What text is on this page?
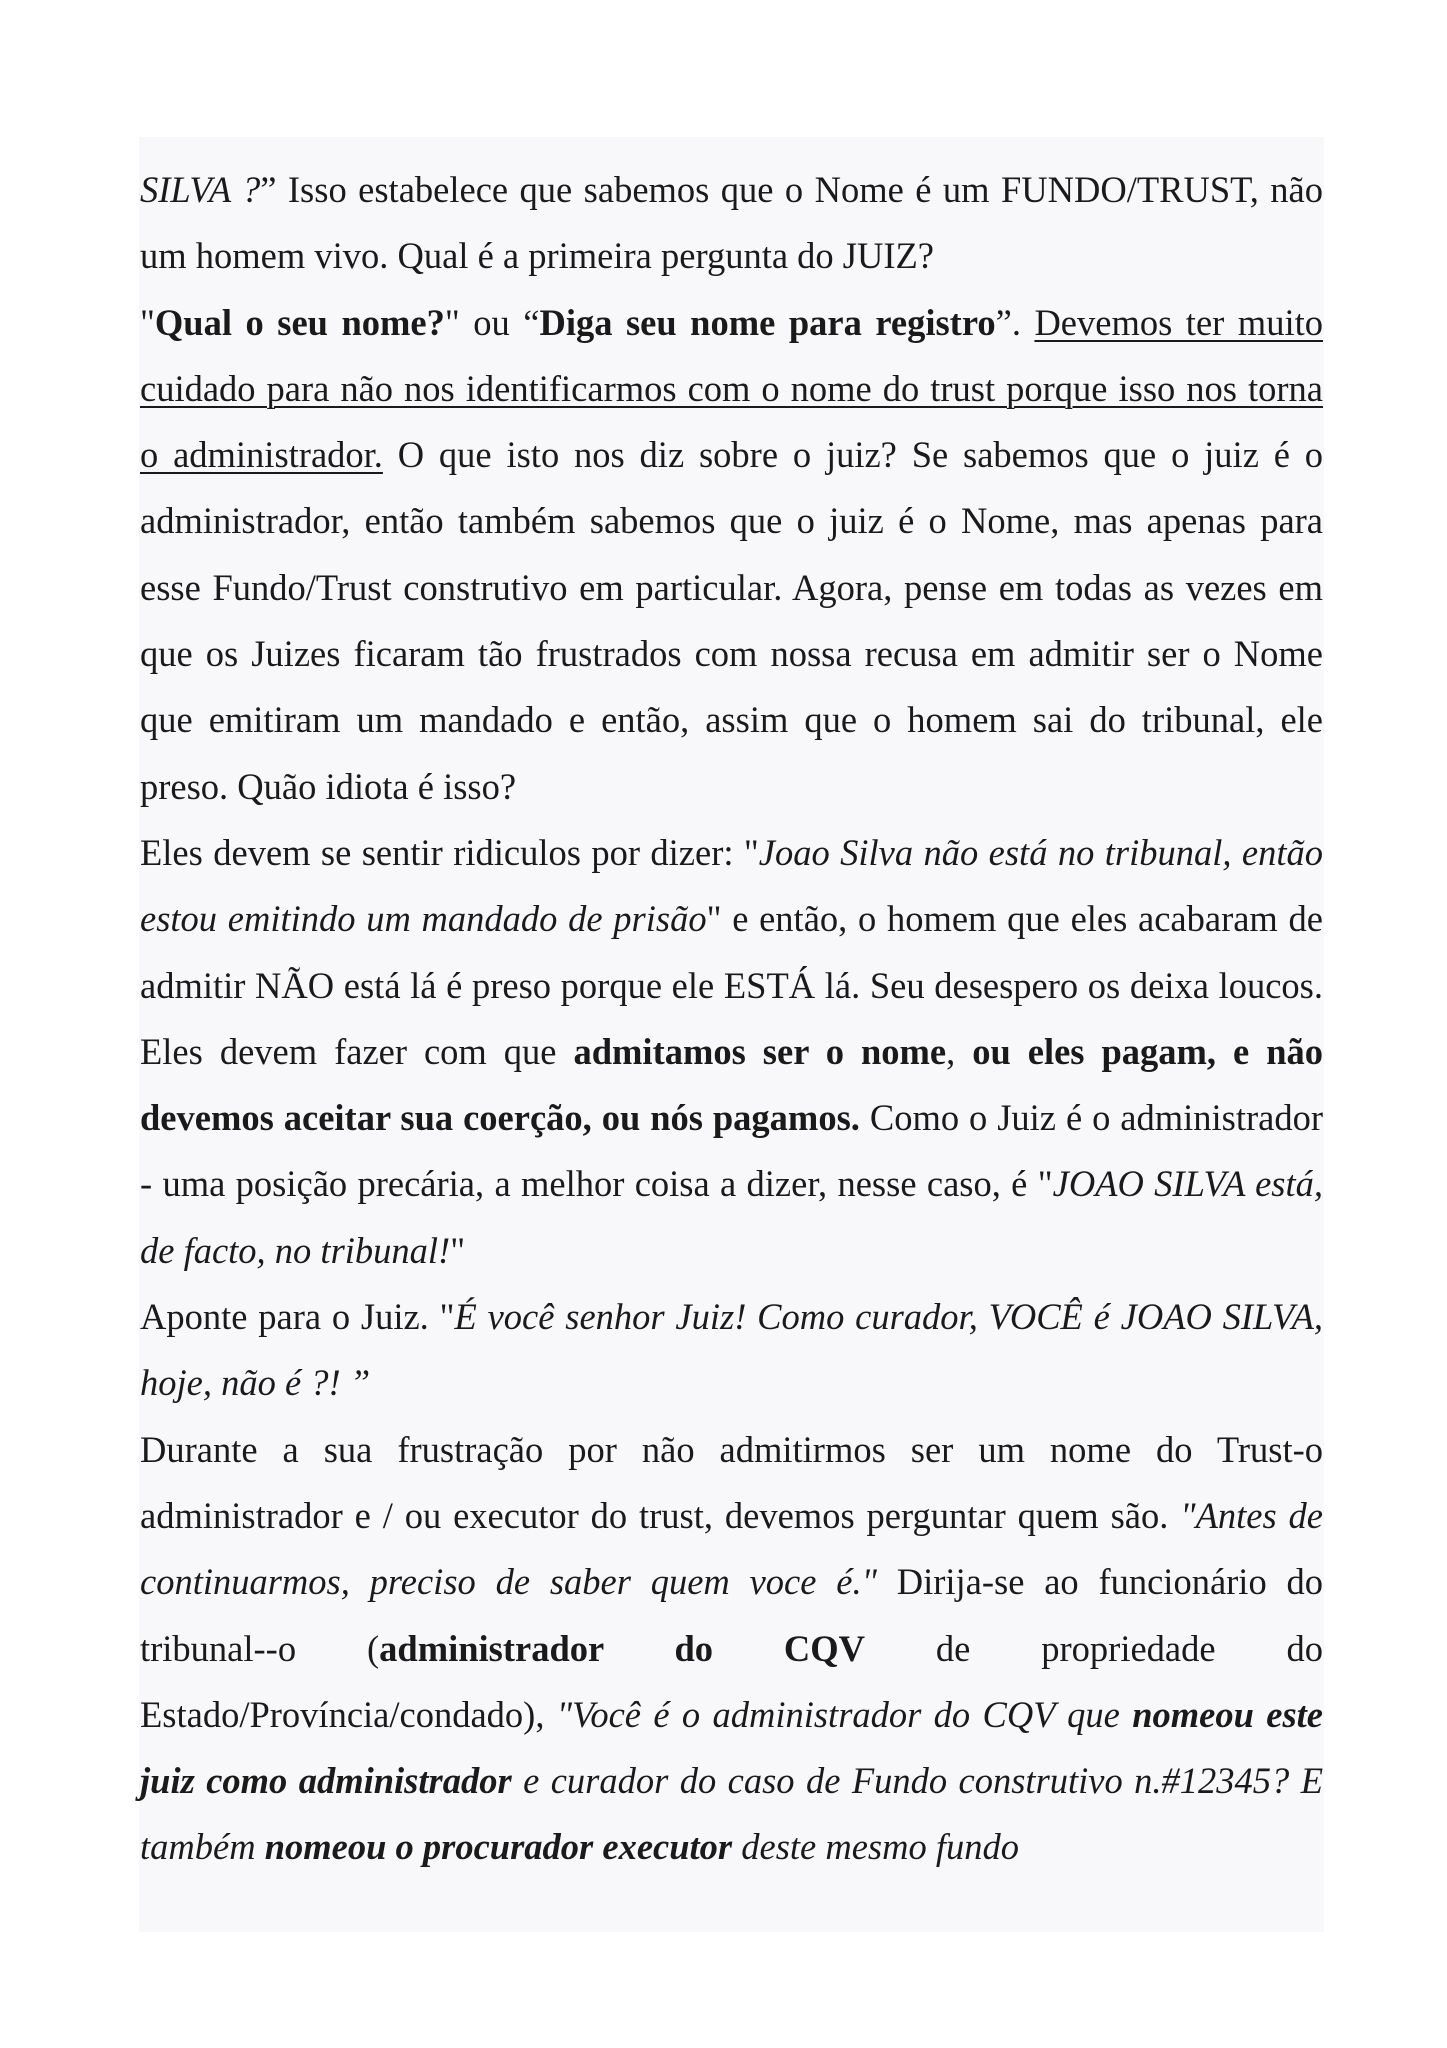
SILVA ?” Isso estabelece que sabemos que o Nome é um FUNDO/TRUST, não um homem vivo. Qual é a primeira pergunta do JUIZ?

"Qual o seu nome?" ou “Diga seu nome para registro”. Devemos ter muito cuidado para não nos identificarmos com o nome do trust porque isso nos torna o administrador. O que isto nos diz sobre o juiz? Se sabemos que o juiz é o administrador, então também sabemos que o juiz é o Nome, mas apenas para esse Fundo/Trust construtivo em particular. Agora, pense em todas as vezes em que os Juizes ficaram tão frustrados com nossa recusa em admitir ser o Nome que emitiram um mandado e então, assim que o homem sai do tribunal, ele preso. Quão idiota é isso?

Eles devem se sentir ridiculos por dizer: "Joao Silva não está no tribunal, então estou emitindo um mandado de prisão" e então, o homem que eles acabaram de admitir NÃO está lá é preso porque ele ESTÁ lá. Seu desespero os deixa loucos. Eles devem fazer com que admitamos ser o nome, ou eles pagam, e não devemos aceitar sua coerção, ou nós pagamos. Como o Juiz é o administrador - uma posição precária, a melhor coisa a dizer, nesse caso, é "JOAO SILVA está, de facto, no tribunal!"

Aponte para o Juiz. "É você senhor Juiz! Como curador, VOCÊ é JOAO SILVA, hoje, não é ?! ”

Durante a sua frustração por não admitirmos ser um nome do Trust-o administrador e / ou executor do trust, devemos perguntar quem são. "Antes de continuarmos, preciso de saber quem voce é." Dirija-se ao funcionário do tribunal--o (administrador do CQV de propriedade do Estado/Província/condado), "Você é o administrador do CQV que nomeou este juiz como administrador e curador do caso de Fundo construtivo n.#12345? E também nomeou o procurador executor deste mesmo fundo
